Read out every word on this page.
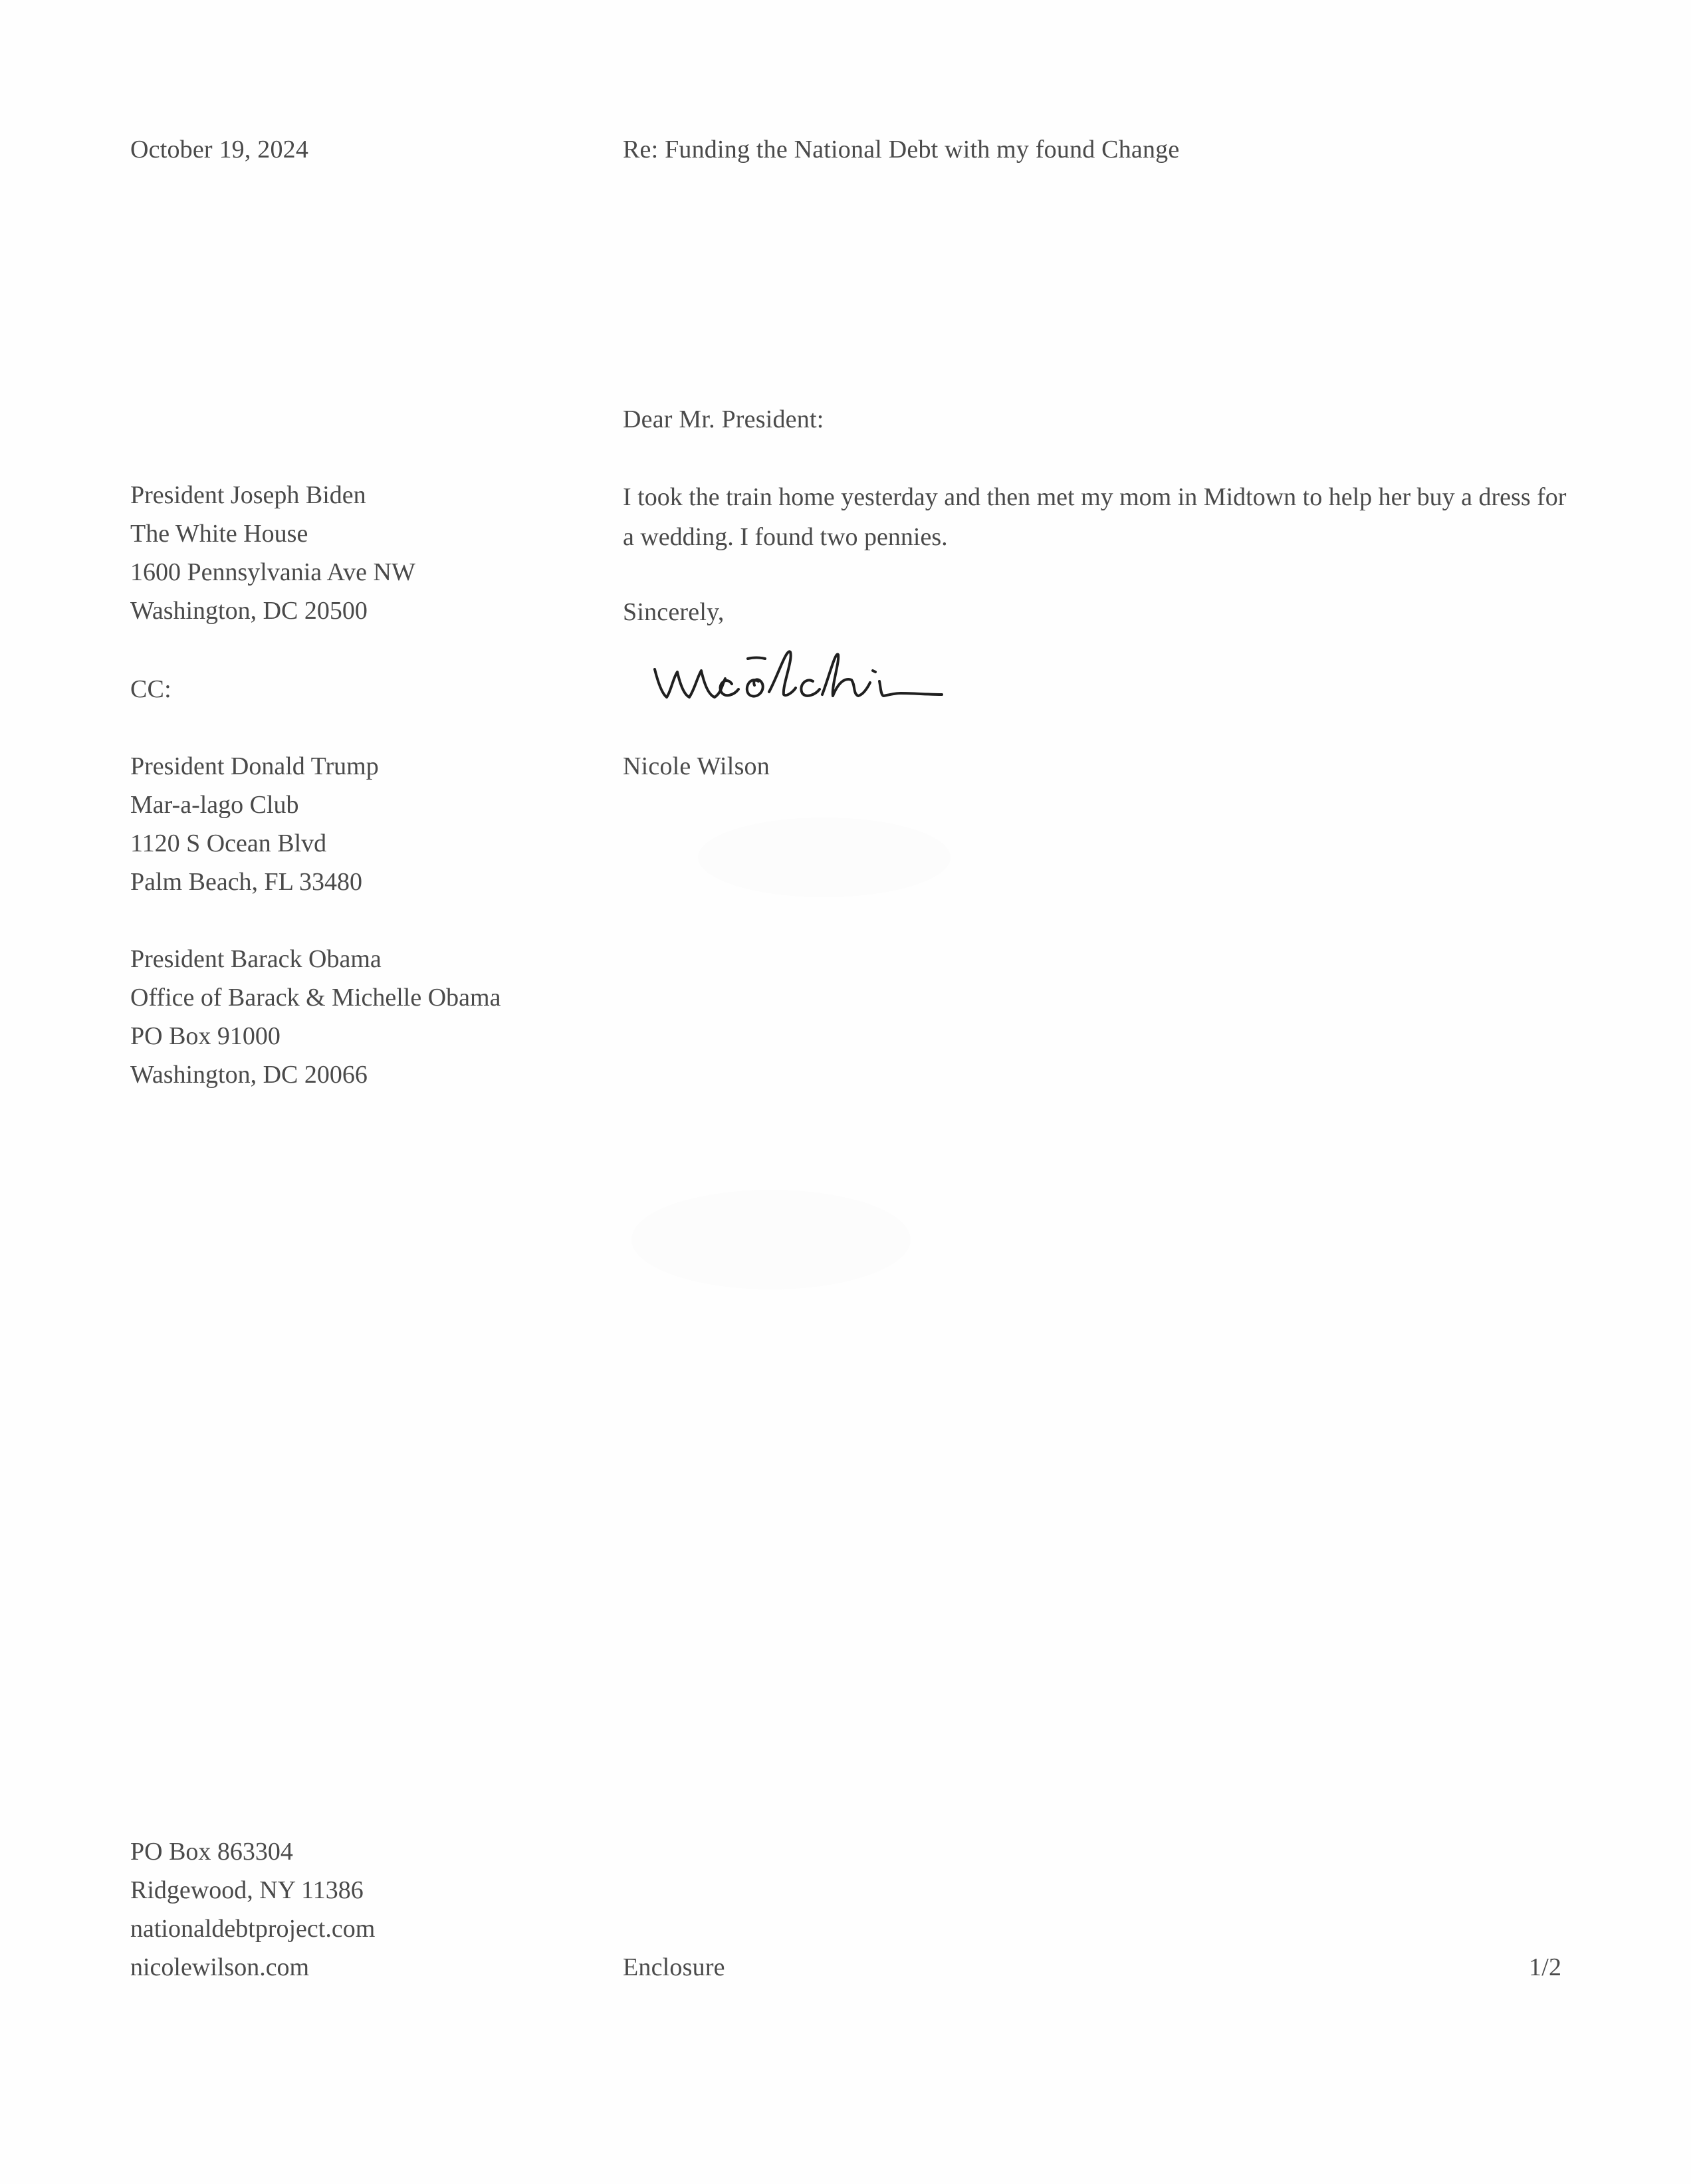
October 19, 2024	Re: Funding the National Debt with my found Change
Dear Mr. President:
President Joseph Biden
The White House
1600 Pennsylvania Ave NW
Washington, DC 20500
I took the train home yesterday and then met my mom in Midtown to help her buy a dress for a wedding. I found two pennies.
Sincerely,
Nicole Wilson
CC:
President Donald Trump
Mar-a-lago Club
1120 S Ocean Blvd
Palm Beach, FL 33480
President Barack Obama
Office of Barack & Michelle Obama
PO Box 91000
Washington, DC 20066
PO Box 863304
Ridgewood, NY 11386
nationaldebtproject.com
nicolewilson.com	Enclosure	1/2
